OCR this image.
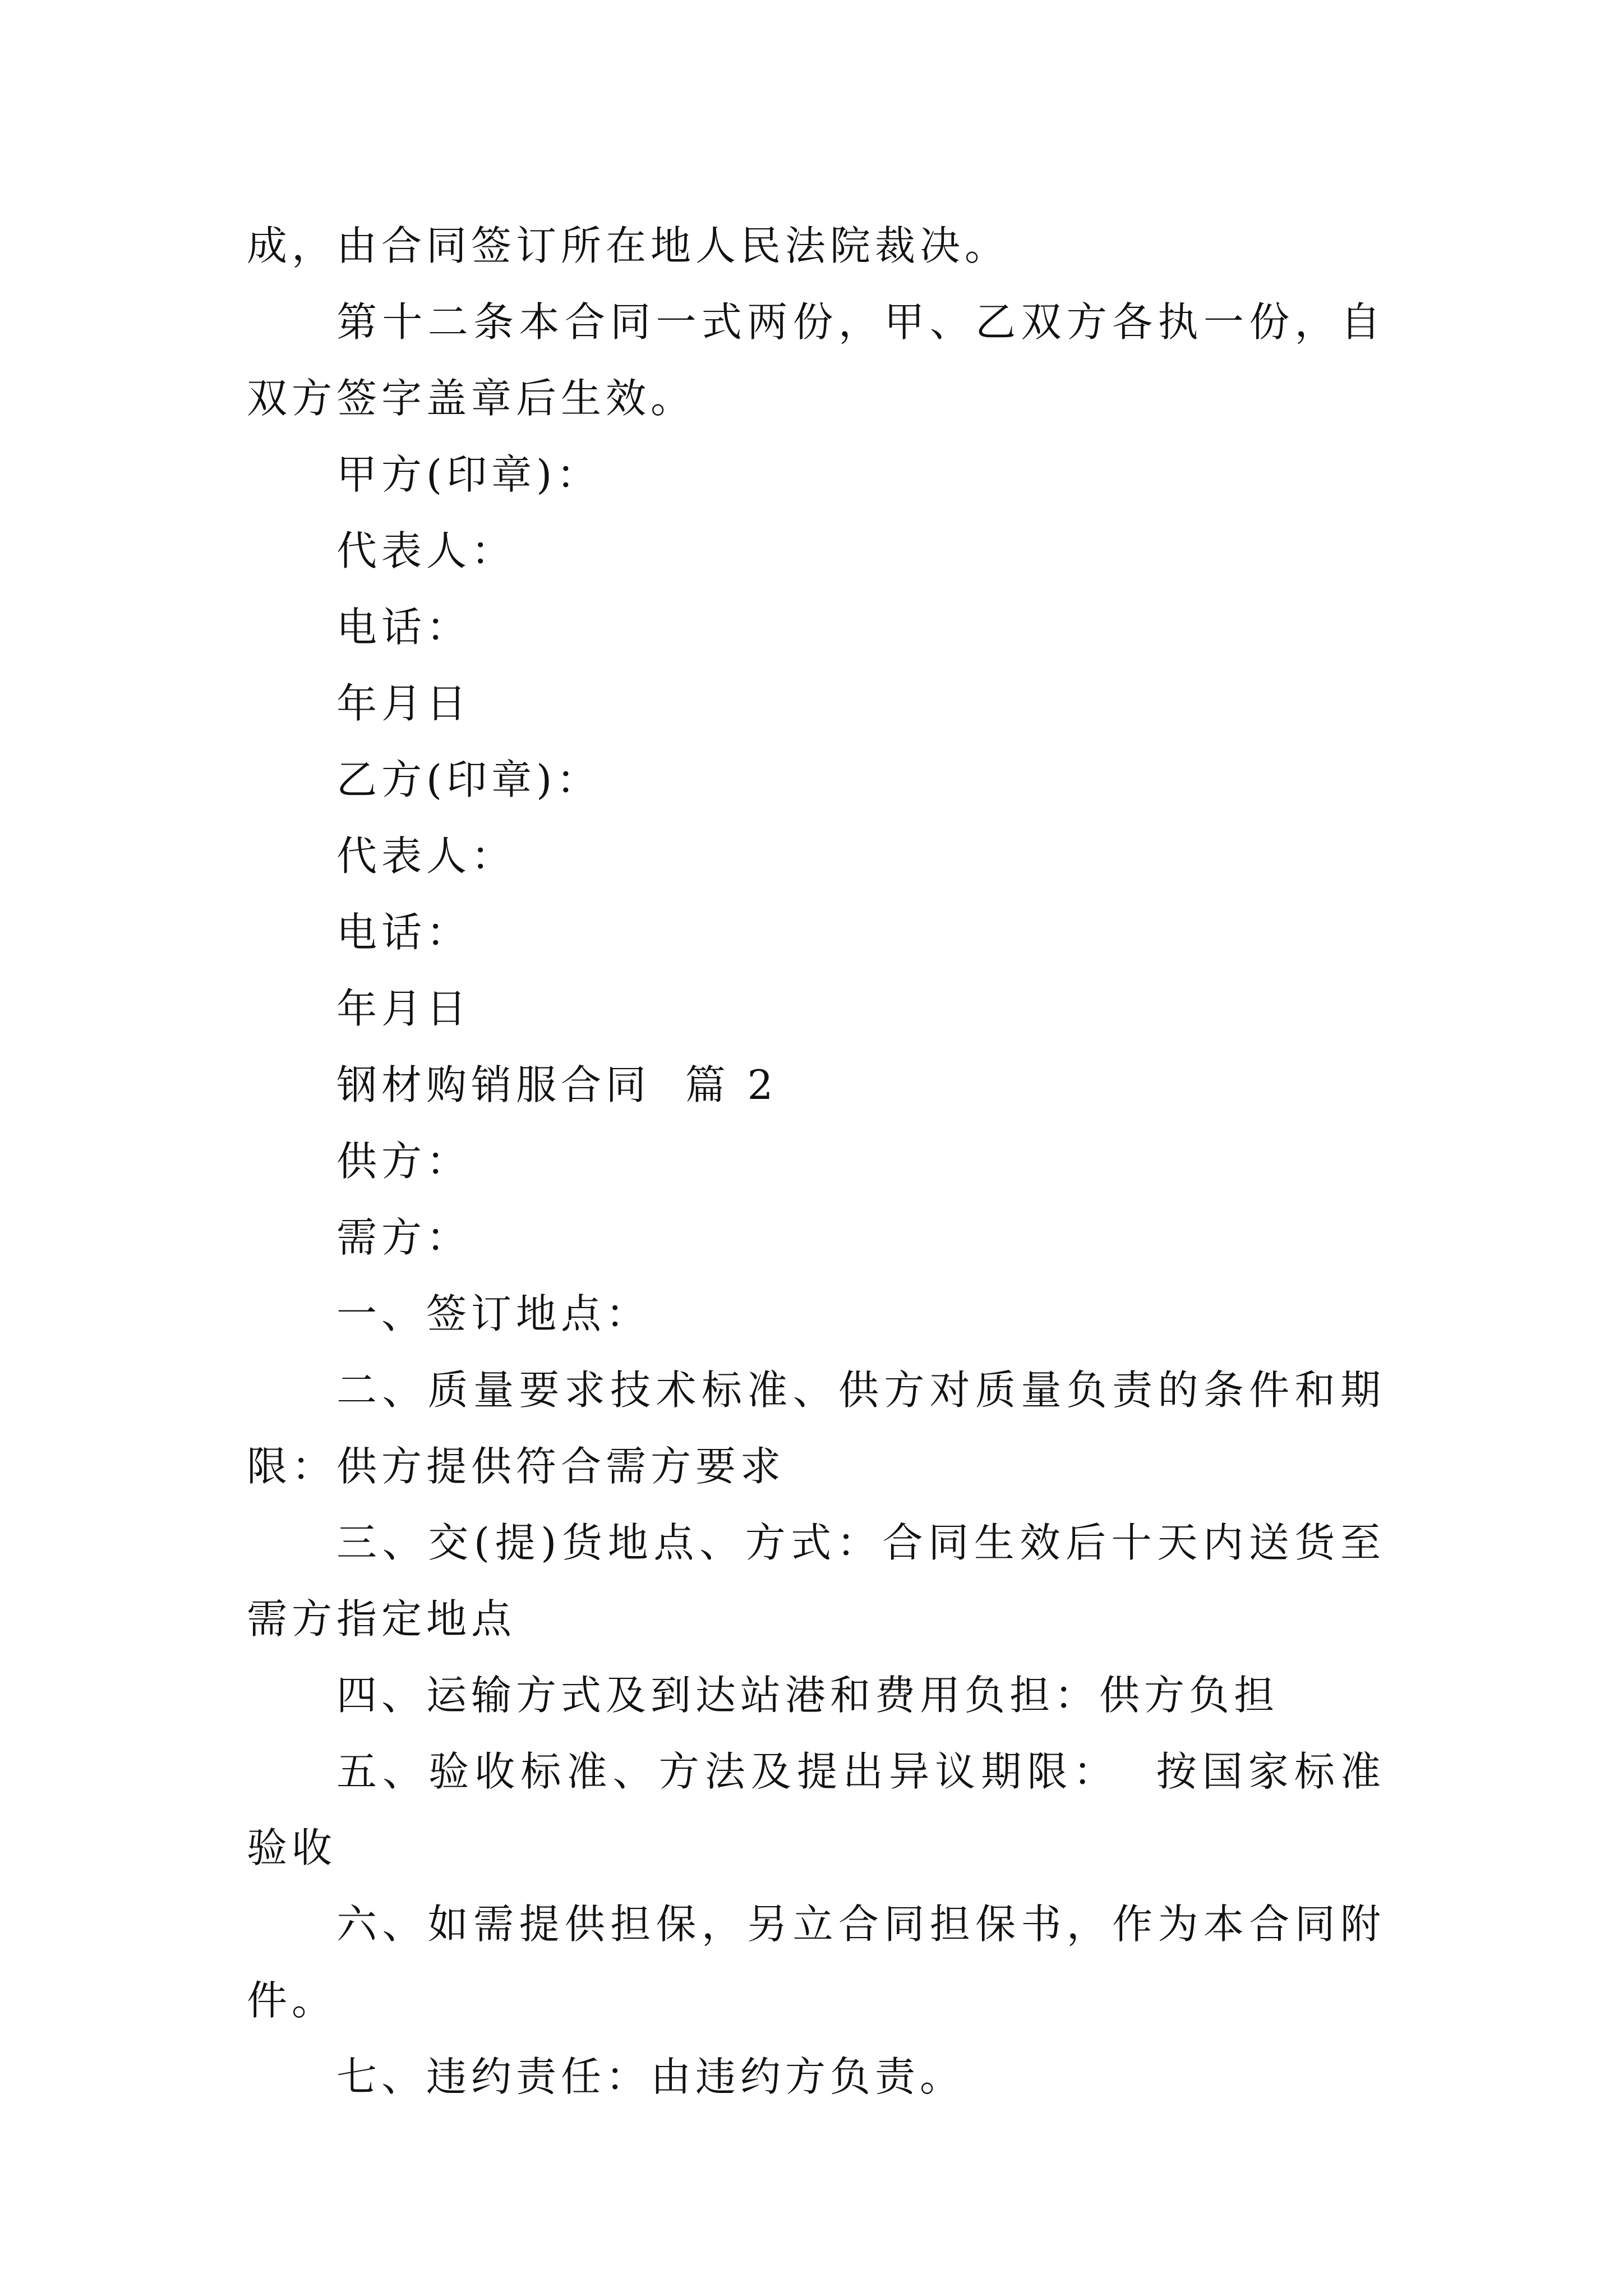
成，由合同签订所在地人民法院裁决。

第十二条本合同一式两份，甲、乙双方各执一份，自双方签字盖章后生效。

甲方(印章)：

代表人：

电话：

年月日

乙方(印章)：

代表人：

电话：

年月日

钢材购销服合同  篇 2

供方：

需方：

一、签订地点：

二、质量要求技术标准、供方对质量负责的条件和期限：供方提供符合需方要求

三、交(提)货地点、方式：合同生效后十天内送货至需方指定地点

四、运输方式及到达站港和费用负担：供方负担

五、验收标准、方法及提出异议期限：  按国家标准验收

六、如需提供担保，另立合同担保书，作为本合同附件。

七、违约责任：由违约方负责。
